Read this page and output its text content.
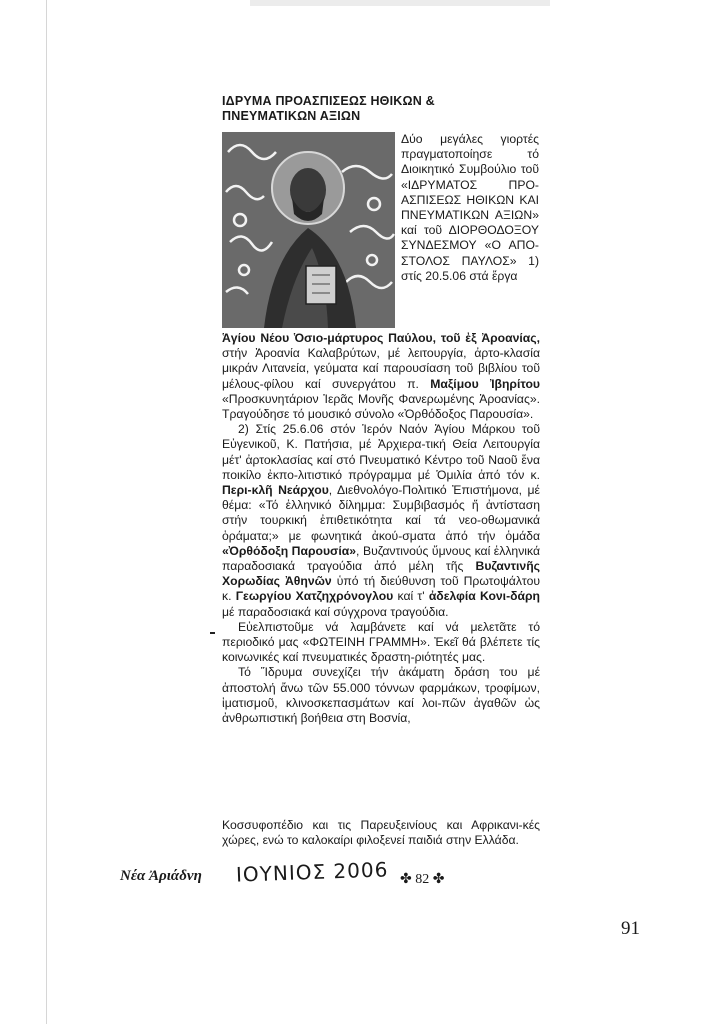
ΙΔΡΥΜΑ ΠΡΟΑΣΠΙΣΕΩΣ ΗΘΙΚΩΝ &
ΠΝΕΥΜΑΤΙΚΩΝ ΑΞΙΩΝ
Δύο μεγάλες γιορτές πραγματοποίησε τό Διοικητικό Συμβούλιο τοῦ «ΙΔΡΥΜΑΤΟΣ ΠΡΟ-ΑΣΠΙΣΕΩΣ ΗΘΙΚΩΝ ΚΑΙ ΠΝΕΥΜΑΤΙΚΩΝ ΑΞΙΩΝ» καί τοῦ ΔΙΟΡΘΟΔΟΞΟΥ ΣΥΝΔΕΣΜΟΥ «Ο ΑΠΟ-ΣΤΟΛΟΣ ΠΑΥΛΟΣ» 1) στίς 20.5.06 στά ἔργα

Ἁγίου Νέου Ὁσιο-μάρτυρος Παύλου, τοῦ ἐξ Ἀροανίας, στήν Ἀροανία Καλαβρύτων, μέ λειτουργία, ἀρτο-κλασία μικράν Λιτανεία, γεύματα καί παρουσίαση τοῦ βιβλίου τοῦ μέλους-φίλου καί συνεργάτου π. Μαξίμου Ἰβηρίτου «Προσκυνητάριον Ἱερᾶς Μονῆς Φανερωμένης Ἀροανίας». Τραγούδησε τό μουσικό σύνολο «Ὀρθόδοξος Παρουσία».

2) Στίς 25.6.06 στόν Ἱερόν Ναόν Ἁγίου Μάρκου τοῦ Εὐγενικοῦ, Κ. Πατήσια, μέ Ἀρχιερα-τική Θεία Λειτουργία μέτ' ἀρτοκλασίας καί στό Πνευματικό Κέντρο τοῦ Ναοῦ ἕνα ποικίλο ἐκπο-λιτιστικό πρόγραμμα μέ Ὁμιλία ἀπό τόν κ. Περι-κλῆ Νεάρχου, Διεθνολόγο-Πολιτικό Ἐπιστήμονα, μέ θέμα: «Τό ἑλληνικό δίλημμα: Συμβιβασμός ἤ ἀντίσταση στήν τουρκική ἐπιθετικότητα καί τά νεο-οθωμανικά ὁράματα;» με φωνητικά ἀκού-σματα ἀπό τήν ὁμάδα «Ὀρθόδοξη Παρουσία», Βυζαντινούς ὕμνους καί ἑλληνικά παραδοσιακά τραγούδια ἀπό μέλη τῆς Βυζαντινῆς Χορωδίας Ἀθηνῶν ὑπό τή διεύθυνση τοῦ Πρωτοψάλτου κ. Γεωργίου Χατζηχρόνογλου καί τ' ἀδελφία Κονι-δάρη μέ παραδοσιακά καί σύγχρονα τραγούδια.

Εὐελπιστοῦμε νά λαμβάνετε καί νά μελετᾶτε τό περιοδικό μας «ΦΩΤΕΙΝΗ ΓΡΑΜΜΗ». Ἐκεῖ θά βλέπετε τίς κοινωνικές καί πνευματικές δραστη-ριότητές μας.

Τό Ἵδρυμα συνεχίζει τήν ἀκάματη δράση του μέ ἀποστολή ἄνω τῶν 55.000 τόννων φαρμάκων, τροφίμων, ἱματισμοῦ, κλινοσκεπασμάτων καί λοι-πῶν ἀγαθῶν ὡς ἀνθρωπιστική βοήθεια στη Βοσνία,

Κοσσυφοπέδιο και τις Παρευξεινίους και Αφρικανι-κές χώρες, ενώ το καλοκαίρι φιλοξενεί παιδιά στην Ελλάδα.
Νέα Ἀριάδνη ΙΟΥΝΙΟΣ 2006 ✤ 82 ✤
91
